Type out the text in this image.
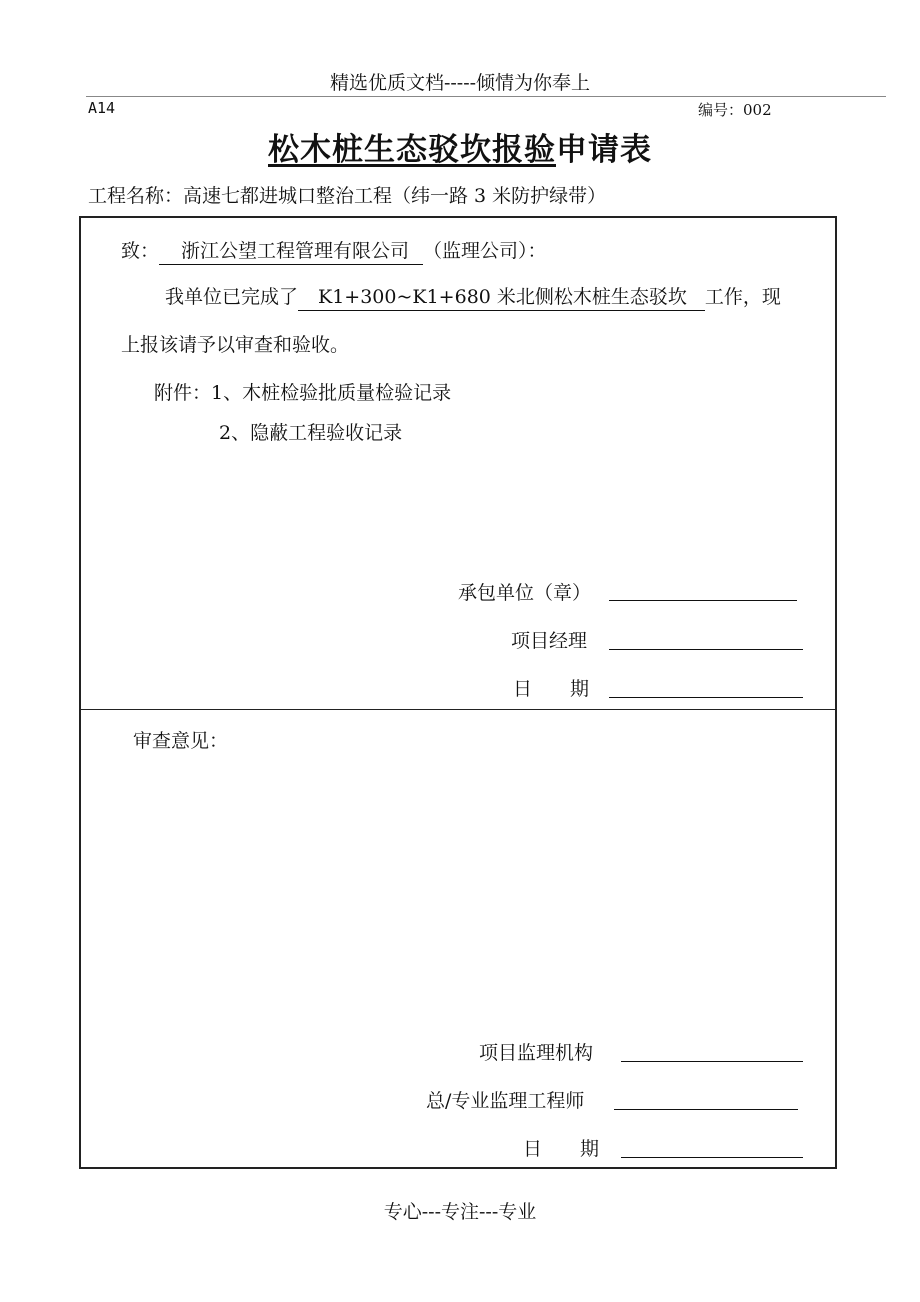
精选优质文档-----倾情为你奉上
A14	编号：002
松木桩生态驳坎报验申请表
工程名称：高速七都进城口整治工程（纬一路 3 米防护绿带）
致： 浙江公望工程管理有限公司 （监理公司）：
我单位已完成了 K1+300~K1+680 米北侧松木桩生态驳坎 工作，现
上报该请予以审查和验收。
附件：1、木桩检验批质量检验记录
2、隐蔽工程验收记录
承包单位（章）
项目经理
日　　期
审查意见：
项目监理机构
总/专业监理工程师
日　　期
专心---专注---专业
